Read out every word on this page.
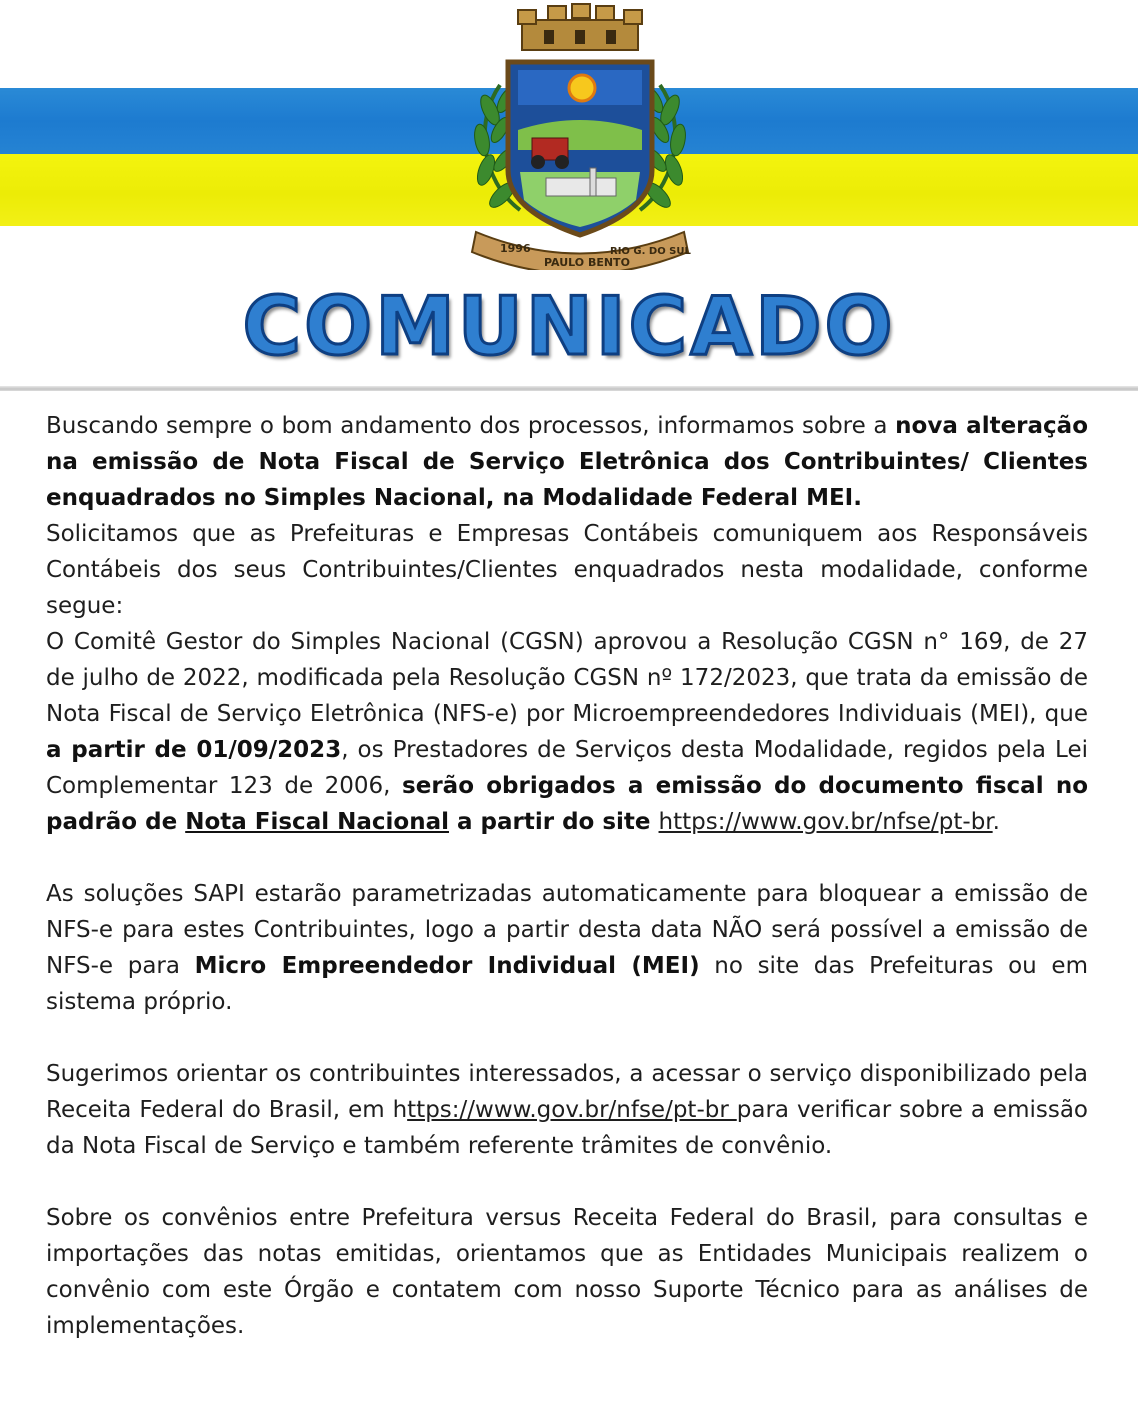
1996
PAULO BENTO
RIO G. DO SUL
COMUNICADO

Buscando sempre o bom andamento dos processos, informamos sobre a nova alteração na emissão de Nota Fiscal de Serviço Eletrônica dos Contribuintes/ Clientes enquadrados no Simples Nacional, na Modalidade Federal MEI.

Solicitamos que as Prefeituras e Empresas Contábeis comuniquem aos Responsáveis Contábeis dos seus Contribuintes/Clientes enquadrados nesta modalidade, conforme segue:

O Comitê Gestor do Simples Nacional (CGSN) aprovou a Resolução CGSN n° 169, de 27 de julho de 2022, modificada pela Resolução CGSN nº 172/2023, que trata da emissão de Nota Fiscal de Serviço Eletrônica (NFS-e) por Microempreendedores Individuais (MEI), que a partir de 01/09/2023, os Prestadores de Serviços desta Modalidade, regidos pela Lei Complementar 123 de 2006, serão obrigados a emissão do documento fiscal no padrão de Nota Fiscal Nacional a partir do site https://www.gov.br/nfse/pt-br.

As soluções SAPI estarão parametrizadas automaticamente para bloquear a emissão de NFS-e para estes Contribuintes, logo a partir desta data NÃO será possível a emissão de NFS-e para Micro Empreendedor Individual (MEI) no site das Prefeituras ou em sistema próprio.

Sugerimos orientar os contribuintes interessados, a acessar o serviço disponibilizado pela Receita Federal do Brasil, em https://www.gov.br/nfse/pt-br para verificar sobre a emissão da Nota Fiscal de Serviço e também referente trâmites de convênio.

Sobre os convênios entre Prefeitura versus Receita Federal do Brasil, para consultas e importações das notas emitidas, orientamos que as Entidades Municipais realizem o convênio com este Órgão e contatem com nosso Suporte Técnico para as análises de implementações.
